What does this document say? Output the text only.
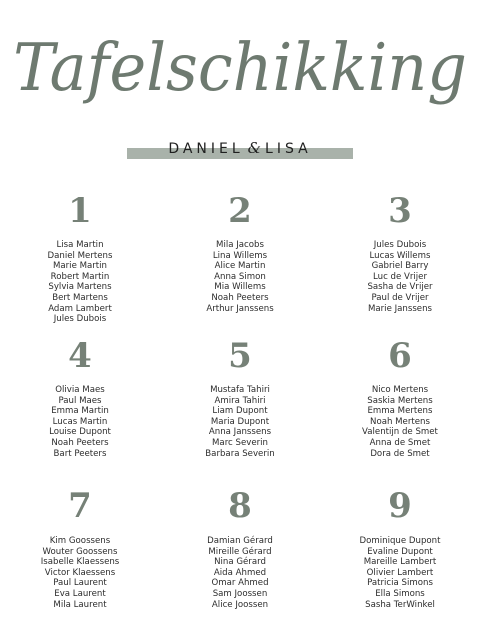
Tafelschikking
DANIEL & LISA
1
Lisa Martin
Daniel Mertens
Marie Martin
Robert Martin
Sylvia Martens
Bert Martens
Adam Lambert
Jules Dubois
2
Mila Jacobs
Lina Willems
Alice Martin
Anna Simon
Mia Willems
Noah Peeters
Arthur Janssens
3
Jules Dubois
Lucas Willems
Gabriel Barry
Luc de Vrijer
Sasha de Vrijer
Paul de Vrijer
Marie Janssens
4
Olivia Maes
Paul Maes
Emma Martin
Lucas Martin
Louise Dupont
Noah Peeters
Bart Peeters
5
Mustafa Tahiri
Amira Tahiri
Liam Dupont
Maria Dupont
Anna Janssens
Marc Severin
Barbara Severin
6
Nico Mertens
Saskia Mertens
Emma Mertens
Noah Mertens
Valentijn de Smet
Anna de Smet
Dora de Smet
7
Kim Goossens
Wouter Goossens
Isabelle Klaessens
Victor Klaessens
Paul Laurent
Eva Laurent
Mila Laurent
8
Damian Gérard
Mireille Gérard
Nina Gérard
Aida Ahmed
Omar Ahmed
Sam Joossen
Alice Joossen
9
Dominique Dupont
Evaline Dupont
Mareille Lambert
Olivier Lambert
Patricia Simons
Ella Simons
Sasha TerWinkel
